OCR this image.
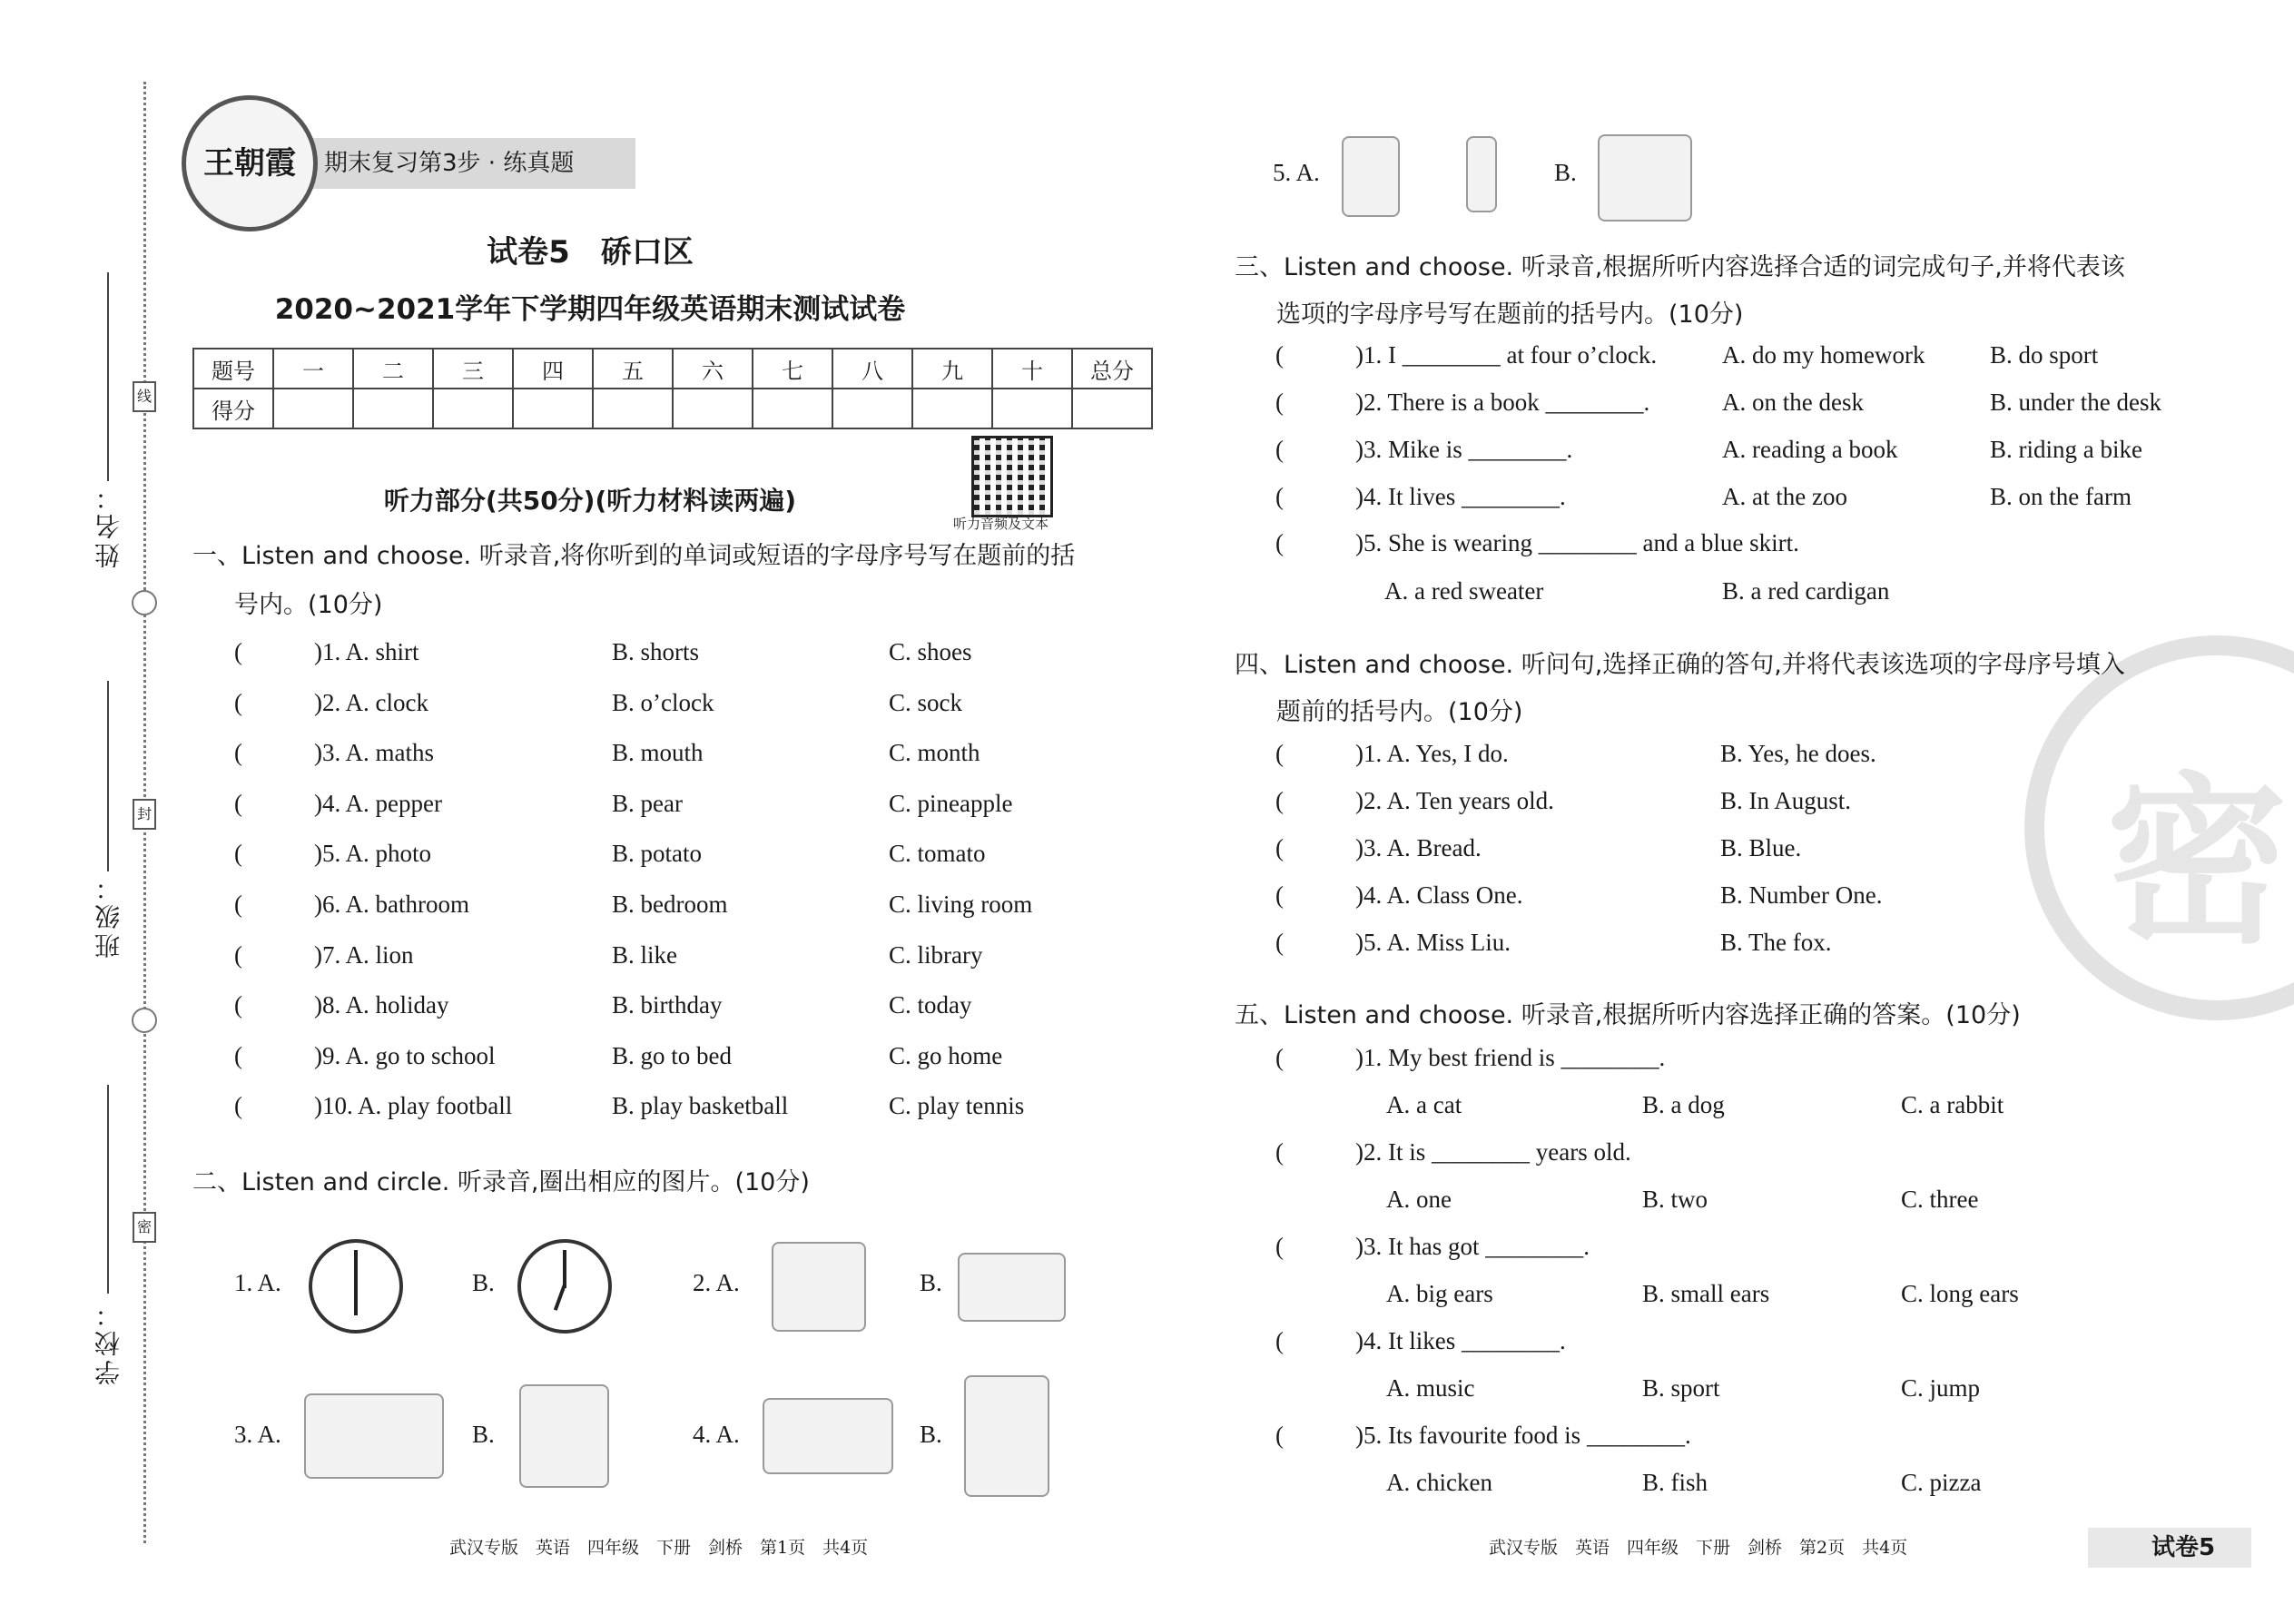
姓名：
线
班级：
封
学校：
密
期末复习第3步 · 练真题
王朝霞
试卷5　硚口区
2020~2021学年下学期四年级英语期末测试试卷
题号	一	二	三	四	五	六	七	八	九	十	总分
得分											
听力音频及文本
听力部分(共50分)(听力材料读两遍)
一、Listen and choose. 听录音,将你听到的单词或短语的字母序号写在题前的括
号内。(10分)
二、Listen and circle. 听录音,圈出相应的图片。(10分)
1. A.	B.	2. A.	B.
3. A.	B.	4. A.	B.
5. A.	B.
三、Listen and choose. 听录音,根据所听内容选择合适的词完成句子,并将代表该
选项的字母序号写在题前的括号内。(10分)
(	)5. She is wearing ________ and a blue skirt.
A. a red sweater	B. a red cardigan
密
四、Listen and choose. 听问句,选择正确的答句,并将代表该选项的字母序号填入
题前的括号内。(10分)
五、Listen and choose. 听录音,根据所听内容选择正确的答案。(10分)
武汉专版　英语　四年级　下册　剑桥　第1页　共4页	武汉专版　英语　四年级　下册　剑桥　第2页　共4页	试卷5
(	)1. A. shirt	B. shorts	C. shoes
(	)2. A. clock	B. o’clock	C. sock
(	)3. A. maths	B. mouth	C. month
(	)4. A. pepper	B. pear	C. pineapple
(	)5. A. photo	B. potato	C. tomato
(	)6. A. bathroom	B. bedroom	C. living room
(	)7. A. lion	B. like	C. library
(	)8. A. holiday	B. birthday	C. today
(	)9. A. go to school	B. go to bed	C. go home
(	)10. A. play football	B. play basketball	C. play tennis
(	)1. I ________ at four o’clock.	A. do my homework	B. do sport
(	)2. There is a book ________.	A. on the desk	B. under the desk
(	)3. Mike is ________.	A. reading a book	B. riding a bike
(	)4. It lives ________.	A. at the zoo	B. on the farm
(	)1. A. Yes, I do.	B. Yes, he does.
(	)2. A. Ten years old.	B. In August.
(	)3. A. Bread.	B. Blue.
(	)4. A. Class One.	B. Number One.
(	)5. A. Miss Liu.	B. The fox.
(	)1. My best friend is ________.
A. a cat	B. a dog	C. a rabbit
(	)2. It is ________ years old.
A. one	B. two	C. three
(	)3. It has got ________.
A. big ears	B. small ears	C. long ears
(	)4. It likes ________.
A. music	B. sport	C. jump
(	)5. Its favourite food is ________.
A. chicken	B. fish	C. pizza
